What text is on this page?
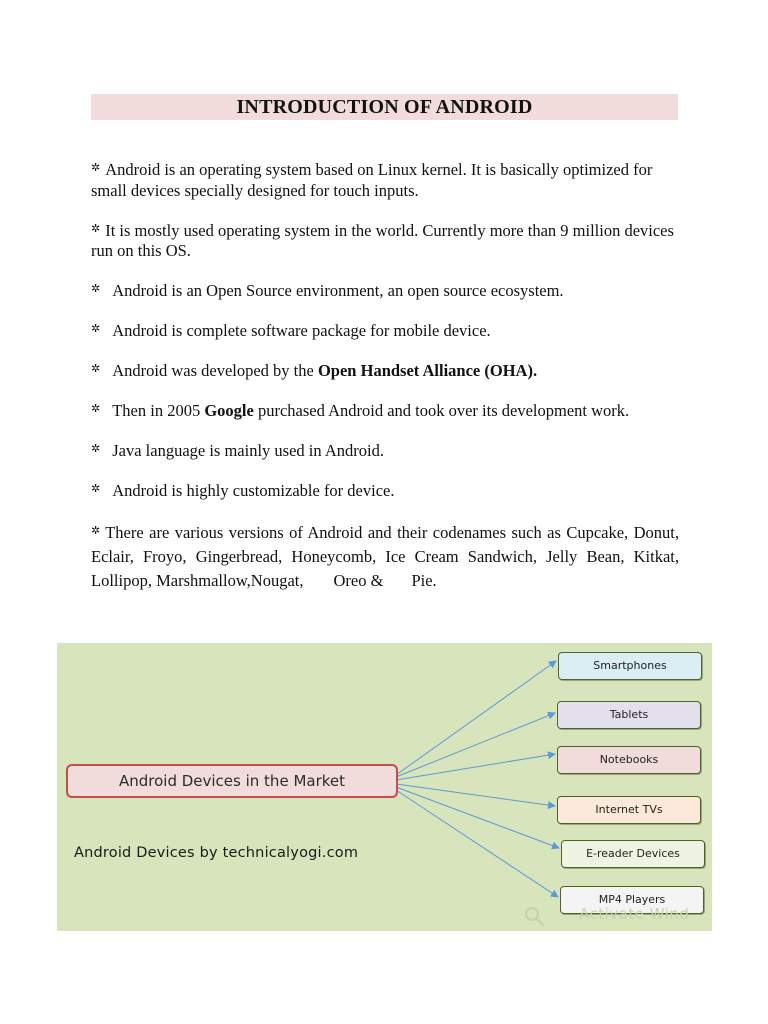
INTRODUCTION OF ANDROID

✲ Android is an operating system based on Linux kernel. It is basically optimized for small devices specially designed for touch inputs.

✲ It is mostly used operating system in the world. Currently more than 9 million devices run on this OS.

✲ Android is an Open Source environment, an open source ecosystem.

✲ Android is complete software package for mobile device.

✲ Android was developed by the Open Handset Alliance (OHA).

✲ Then in 2005 Google purchased Android and took over its development work.

✲ Java language is mainly used in Android.

✲ Android is highly customizable for device.

✲ There are various versions of Android and their codenames such as Cupcake, Donut, Eclair, Froyo, Gingerbread, Honeycomb, Ice Cream Sandwich, Jelly Bean, Kitkat, Lollipop, Marshmallow,Nougat, Oreo & Pie.

Android Devices in the Market
Android Devices by technicalyogi.com
Smartphones
Tablets
Notebooks
Internet TVs
E-reader Devices
MP4 Players
Activate Wind
